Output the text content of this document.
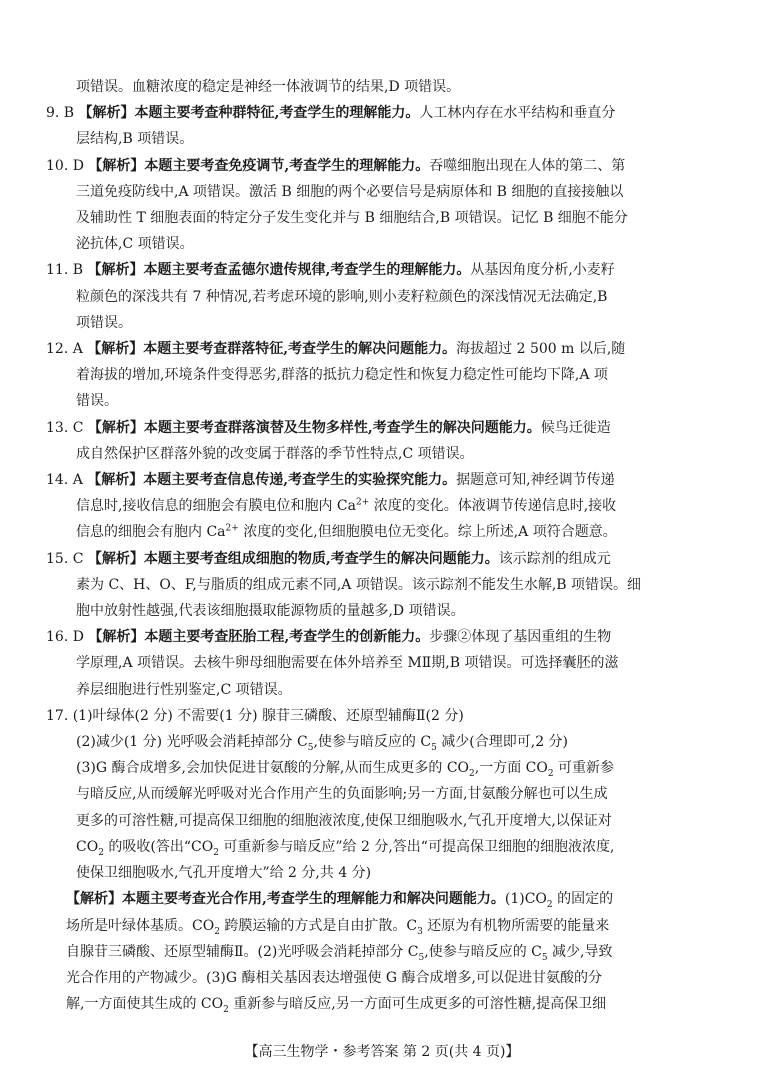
项错误。血糖浓度的稳定是神经一体液调节的结果,D 项错误。
9. B 【解析】本题主要考查种群特征,考查学生的理解能力。人工林内存在水平结构和垂直分
层结构,B 项错误。
10. D 【解析】本题主要考查免疫调节,考查学生的理解能力。吞噬细胞出现在人体的第二、第
三道免疫防线中,A 项错误。激活 B 细胞的两个必要信号是病原体和 B 细胞的直接接触以
及辅助性 T 细胞表面的特定分子发生变化并与 B 细胞结合,B 项错误。记忆 B 细胞不能分
泌抗体,C 项错误。
11. B 【解析】本题主要考查孟德尔遗传规律,考查学生的理解能力。从基因角度分析,小麦籽
粒颜色的深浅共有 7 种情况,若考虑环境的影响,则小麦籽粒颜色的深浅情况无法确定,B
项错误。
12. A 【解析】本题主要考查群落特征,考查学生的解决问题能力。海拔超过 2 500 m 以后,随
着海拔的增加,环境条件变得恶劣,群落的抵抗力稳定性和恢复力稳定性可能均下降,A 项
错误。
13. C 【解析】本题主要考查群落演替及生物多样性,考查学生的解决问题能力。候鸟迁徙造
成自然保护区群落外貌的改变属于群落的季节性特点,C 项错误。
14. A 【解析】本题主要考查信息传递,考查学生的实验探究能力。据题意可知,神经调节传递
信息时,接收信息的细胞会有膜电位和胞内 $Ca^{2+}$ 浓度的变化。体液调节传递信息时,接收
信息的细胞会有胞内 $Ca^{2+}$ 浓度的变化,但细胞膜电位无变化。综上所述,A 项符合题意。
15. C 【解析】本题主要考查组成细胞的物质,考查学生的解决问题能力。该示踪剂的组成元
素为 C、H、O、F,与脂质的组成元素不同,A 项错误。该示踪剂不能发生水解,B 项错误。细
胞中放射性越强,代表该细胞摄取能源物质的量越多,D 项错误。
16. D 【解析】本题主要考查胚胎工程,考查学生的创新能力。步骤②体现了基因重组的生物
学原理,A 项错误。去核牛卵母细胞需要在体外培养至 MⅡ期,B 项错误。可选择囊胚的滋
养层细胞进行性别鉴定,C 项错误。
17. (1)叶绿体(2 分) 不需要(1 分) 腺苷三磷酸、还原型辅酶Ⅱ(2 分)
(2)减少(1 分) 光呼吸会消耗掉部分 $C_5$,使参与暗反应的 $C_5$ 减少(合理即可,2 分)
(3)G 酶合成增多,会加快促进甘氨酸的分解,从而生成更多的 $CO_2$,一方面 $CO_2$ 可重新参
与暗反应,从而缓解光呼吸对光合作用产生的负面影响;另一方面,甘氨酸分解也可以生成
更多的可溶性糖,可提高保卫细胞的细胞液浓度,使保卫细胞吸水,气孔开度增大,以保证对
$CO_2$ 的吸收(答出“$CO_2$ 可重新参与暗反应”给 2 分,答出“可提高保卫细胞的细胞液浓度,
使保卫细胞吸水,气孔开度增大”给 2 分,共 4 分)
【解析】本题主要考查光合作用,考查学生的理解能力和解决问题能力。$(1)CO_2$ 的固定的
场所是叶绿体基质。$CO_2$ 跨膜运输的方式是自由扩散。$C_3$ 还原为有机物所需要的能量来
自腺苷三磷酸、还原型辅酶Ⅱ。(2)光呼吸会消耗掉部分 $C_5$,使参与暗反应的 $C_5$ 减少,导致
光合作用的产物减少。(3)G 酶相关基因表达增强使 G 酶合成增多,可以促进甘氨酸的分
解,一方面使其生成的 $CO_2$ 重新参与暗反应,另一方面可生成更多的可溶性糖,提高保卫细
【高三生物学・参考答案 第 2 页(共 4 页)】
